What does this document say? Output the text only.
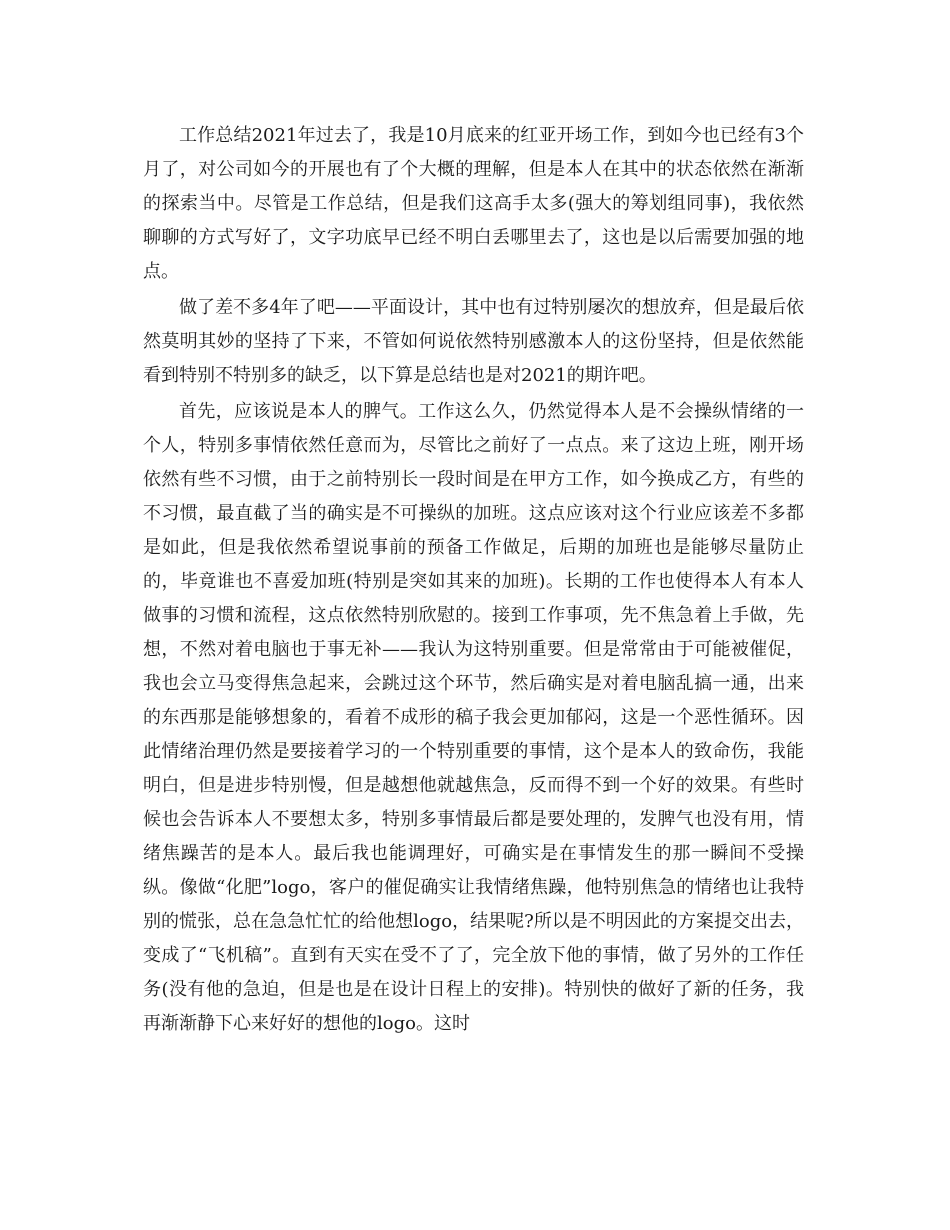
工作总结2021年过去了，我是10月底来的红亚开场工作，到如今也已经有3个月了，对公司如今的开展也有了个大概的理解，但是本人在其中的状态依然在渐渐的探索当中。尽管是工作总结，但是我们这高手太多(强大的筹划组同事)，我依然聊聊的方式写好了，文字功底早已经不明白丢哪里去了，这也是以后需要加强的地点。

做了差不多4年了吧——平面设计，其中也有过特别屡次的想放弃，但是最后依然莫明其妙的坚持了下来，不管如何说依然特别感激本人的这份坚持，但是依然能看到特别不特别多的缺乏，以下算是总结也是对2021的期许吧。

首先，应该说是本人的脾气。工作这么久，仍然觉得本人是不会操纵情绪的一个人，特别多事情依然任意而为，尽管比之前好了一点点。来了这边上班，刚开场依然有些不习惯，由于之前特别长一段时间是在甲方工作，如今换成乙方，有些的不习惯，最直截了当的确实是不可操纵的加班。这点应该对这个行业应该差不多都是如此，但是我依然希望说事前的预备工作做足，后期的加班也是能够尽量防止的，毕竟谁也不喜爱加班(特别是突如其来的加班)。长期的工作也使得本人有本人做事的习惯和流程，这点依然特别欣慰的。接到工作事项，先不焦急着上手做，先想，不然对着电脑也于事无补——我认为这特别重要。但是常常由于可能被催促，我也会立马变得焦急起来，会跳过这个环节，然后确实是对着电脑乱搞一通，出来的东西那是能够想象的，看着不成形的稿子我会更加郁闷，这是一个恶性循环。因此情绪治理仍然是要接着学习的一个特别重要的事情，这个是本人的致命伤，我能明白，但是进步特别慢，但是越想他就越焦急，反而得不到一个好的效果。有些时候也会告诉本人不要想太多，特别多事情最后都是要处理的，发脾气也没有用，情绪焦躁苦的是本人。最后我也能调理好，可确实是在事情发生的那一瞬间不受操纵。像做“化肥”logo，客户的催促确实让我情绪焦躁，他特别焦急的情绪也让我特别的慌张，总在急急忙忙的给他想logo，结果呢?所以是不明因此的方案提交出去，变成了“飞机稿”。直到有天实在受不了了，完全放下他的事情，做了另外的工作任务(没有他的急迫，但是也是在设计日程上的安排)。特别快的做好了新的任务，我再渐渐静下心来好好的想他的logo。这时
